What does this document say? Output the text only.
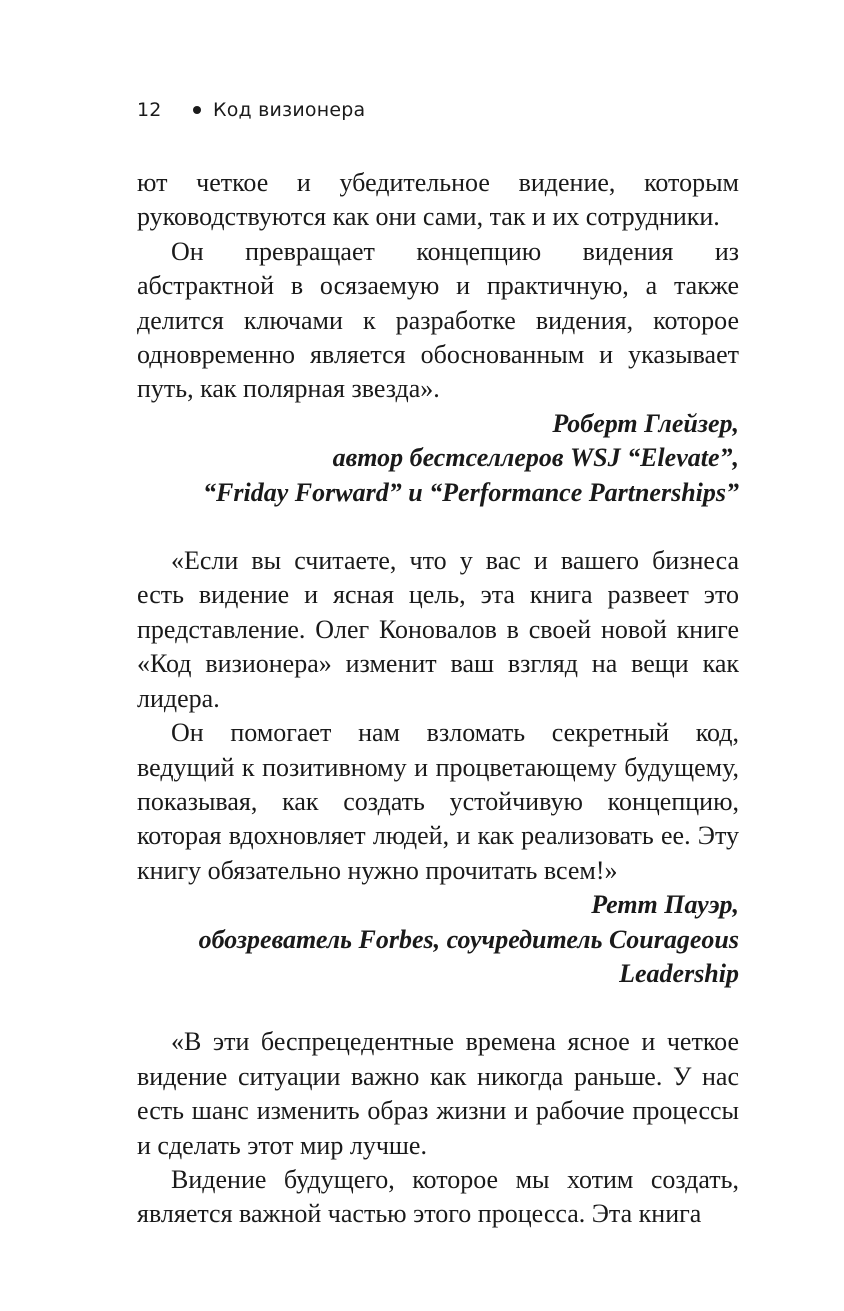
12	Код визионера

ют четкое и убедительное видение, которым руководствуются как они сами, так и их сотрудники.

Он превращает концепцию видения из абстрактной в осязаемую и практичную, а также делится ключами к разработке видения, которое одновременно является обоснованным и указывает путь, как полярная звезда».

Роберт Глейзер,

автор бестселлеров WSJ “Elevate”,

“Friday Forward” и “Performance Partnerships”

«Если вы считаете, что у вас и вашего бизнеса есть видение и ясная цель, эта книга развеет это представление. Олег Коновалов в своей новой книге «Код визионера» изменит ваш взгляд на вещи как лидера.

Он помогает нам взломать секретный код, ведущий к позитивному и процветающему будущему, показывая, как создать устойчивую концепцию, которая вдохновляет людей, и как реализовать ее. Эту книгу обязательно нужно прочитать всем!»

Ретт Пауэр,

обозреватель Forbes, соучредитель Courageous Leadership

«В эти беспрецедентные времена ясное и четкое видение ситуации важно как никогда раньше. У нас есть шанс изменить образ жизни и рабочие процессы и сделать этот мир лучше.

Видение будущего, которое мы хотим создать, является важной частью этого процесса. Эта книга
